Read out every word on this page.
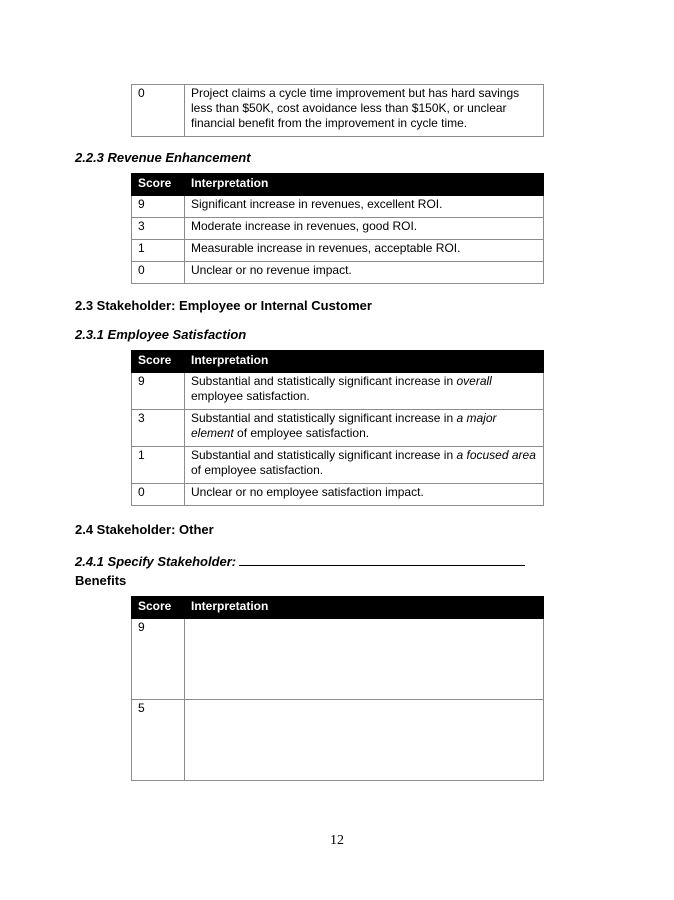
0	Project claims a cycle time improvement but has hard savings less than $50K, cost avoidance less than $150K, or unclear financial benefit from the improvement in cycle time.
2.2.3 Revenue Enhancement
Score	Interpretation
9	Significant increase in revenues, excellent ROI.
3	Moderate increase in revenues, good ROI.
1	Measurable increase in revenues, acceptable ROI.
0	Unclear or no revenue impact.
2.3 Stakeholder: Employee or Internal Customer
2.3.1 Employee Satisfaction
Score	Interpretation
9	Substantial and statistically significant increase in overall employee satisfaction.
3	Substantial and statistically significant increase in a major element of employee satisfaction.
1	Substantial and statistically significant increase in a focused area of employee satisfaction.
0	Unclear or no employee satisfaction impact.
2.4 Stakeholder: Other
2.4.1 Specify Stakeholder:
Benefits
Score	Interpretation
9	
5	
12
